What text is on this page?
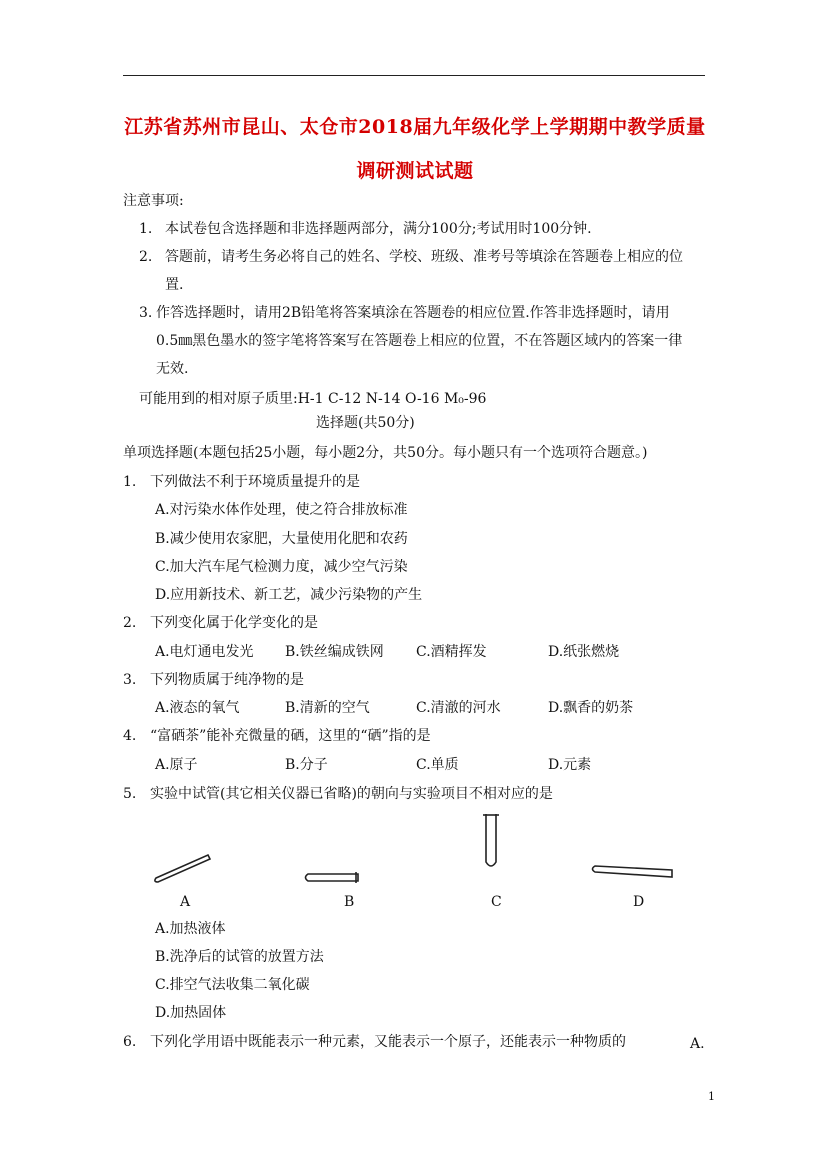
江苏省苏州市昆山、太仓市2018届九年级化学上学期期中教学质量
调研测试试题
注意事项:
1. 本试卷包含选择题和非选择题两部分，满分100分;考试用时100分钟.
2. 答题前，请考生务必将自己的姓名、学校、班级、准考号等填涂在答题卷上相应的位
置.
3. 作答选择题时，请用2B铅笔将答案填涂在答题卷的相应位置.作答非选择题时，请用
0.5㎜黑色墨水的签字笔将答案写在答题卷上相应的位置，不在答题区域内的答案一律
无效.
可能用到的相对原子质里:H-1 C-12 N-14 O-16 M₀-96
选择题(共50分)
单项选择题(本题包括25小题，每小题2分，共50分。每小题只有一个选项符合题意。)
1. 下列做法不利于环境质量提升的是
A.对污染水体作处理，使之符合排放标准
B.减少使用农家肥，大量使用化肥和农药
C.加大汽车尾气检测力度，减少空气污染
D.应用新技术、新工艺，减少污染物的产生
2. 下列变化属于化学变化的是
A.电灯通电发光 B.铁丝编成铁网 C.酒精挥发	D.纸张燃烧
3. 下列物质属于纯净物的是
A.液态的氧气	B.清新的空气	C.清澈的河水	D.飘香的奶茶
4. “富硒茶”能补充微量的硒，这里的“硒”指的是
A.原子	B.分子	C.单质	D.元素
5. 实验中试管(其它相关仪器已省略)的朝向与实验项目不相对应的是
A	B	C	D
A.加热液体
B.洗净后的试管的放置方法
C.排空气法收集二氧化碳
D.加热固体
6. 下列化学用语中既能表示一种元素，又能表示一个原子，还能表示一种物质的	A.
1
